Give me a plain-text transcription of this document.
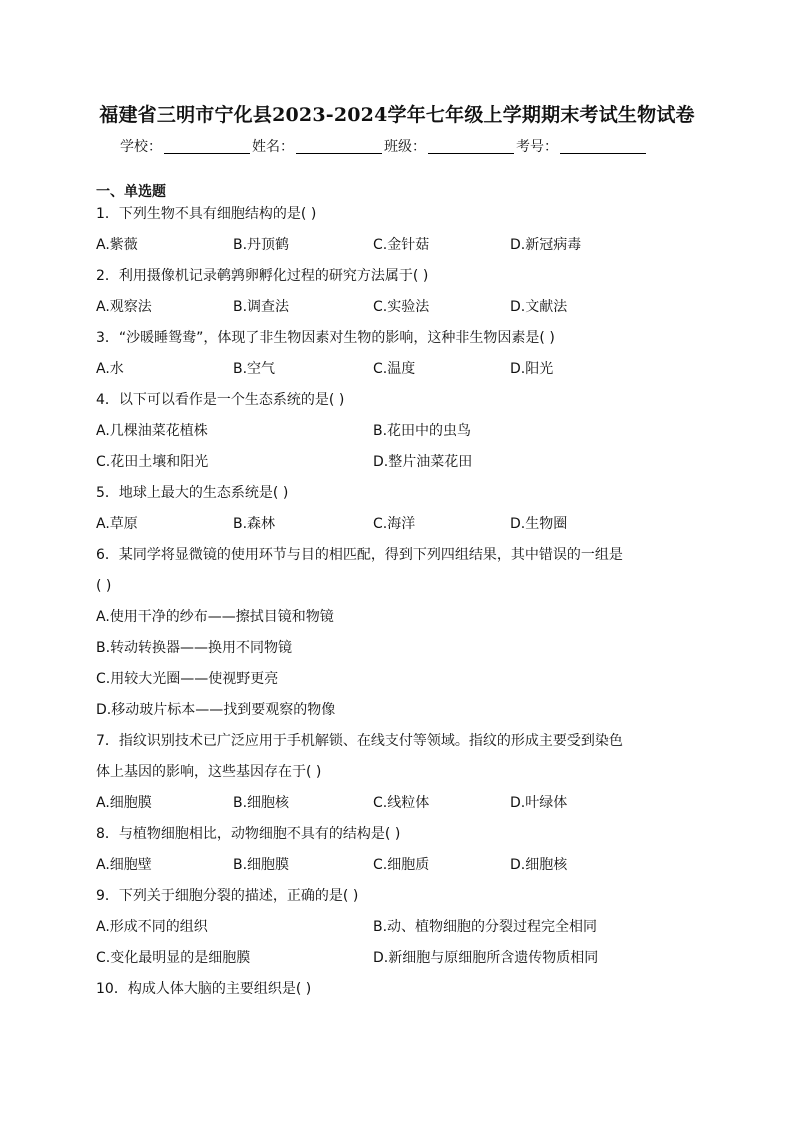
福建省三明市宁化县2023-2024学年七年级上学期期末考试生物试卷
学校：	姓名：	班级：	考号：
一、单选题
1．下列生物不具有细胞结构的是( )
A.紫薇	B.丹顶鹤	C.金针菇	D.新冠病毒
2．利用摄像机记录鹌鹑卵孵化过程的研究方法属于( )
A.观察法	B.调查法	C.实验法	D.文献法
3．“沙暖睡鸳鸯”，体现了非生物因素对生物的影响，这种非生物因素是( )
A.水	B.空气	C.温度	D.阳光
4．以下可以看作是一个生态系统的是( )
A.几棵油菜花植株	B.花田中的虫鸟
C.花田土壤和阳光	D.整片油菜花田
5．地球上最大的生态系统是( )
A.草原	B.森林	C.海洋	D.生物圈
6．某同学将显微镜的使用环节与目的相匹配，得到下列四组结果，其中错误的一组是
( )
A.使用干净的纱布——擦拭目镜和物镜
B.转动转换器——换用不同物镜
C.用较大光圈——使视野更亮
D.移动玻片标本——找到要观察的物像
7．指纹识别技术已广泛应用于手机解锁、在线支付等领域。指纹的形成主要受到染色
体上基因的影响，这些基因存在于( )
A.细胞膜	B.细胞核	C.线粒体	D.叶绿体
8．与植物细胞相比，动物细胞不具有的结构是( )
A.细胞壁	B.细胞膜	C.细胞质	D.细胞核
9．下列关于细胞分裂的描述，正确的是( )
A.形成不同的组织	B.动、植物细胞的分裂过程完全相同
C.变化最明显的是细胞膜	D.新细胞与原细胞所含遗传物质相同
10．构成人体大脑的主要组织是( )
